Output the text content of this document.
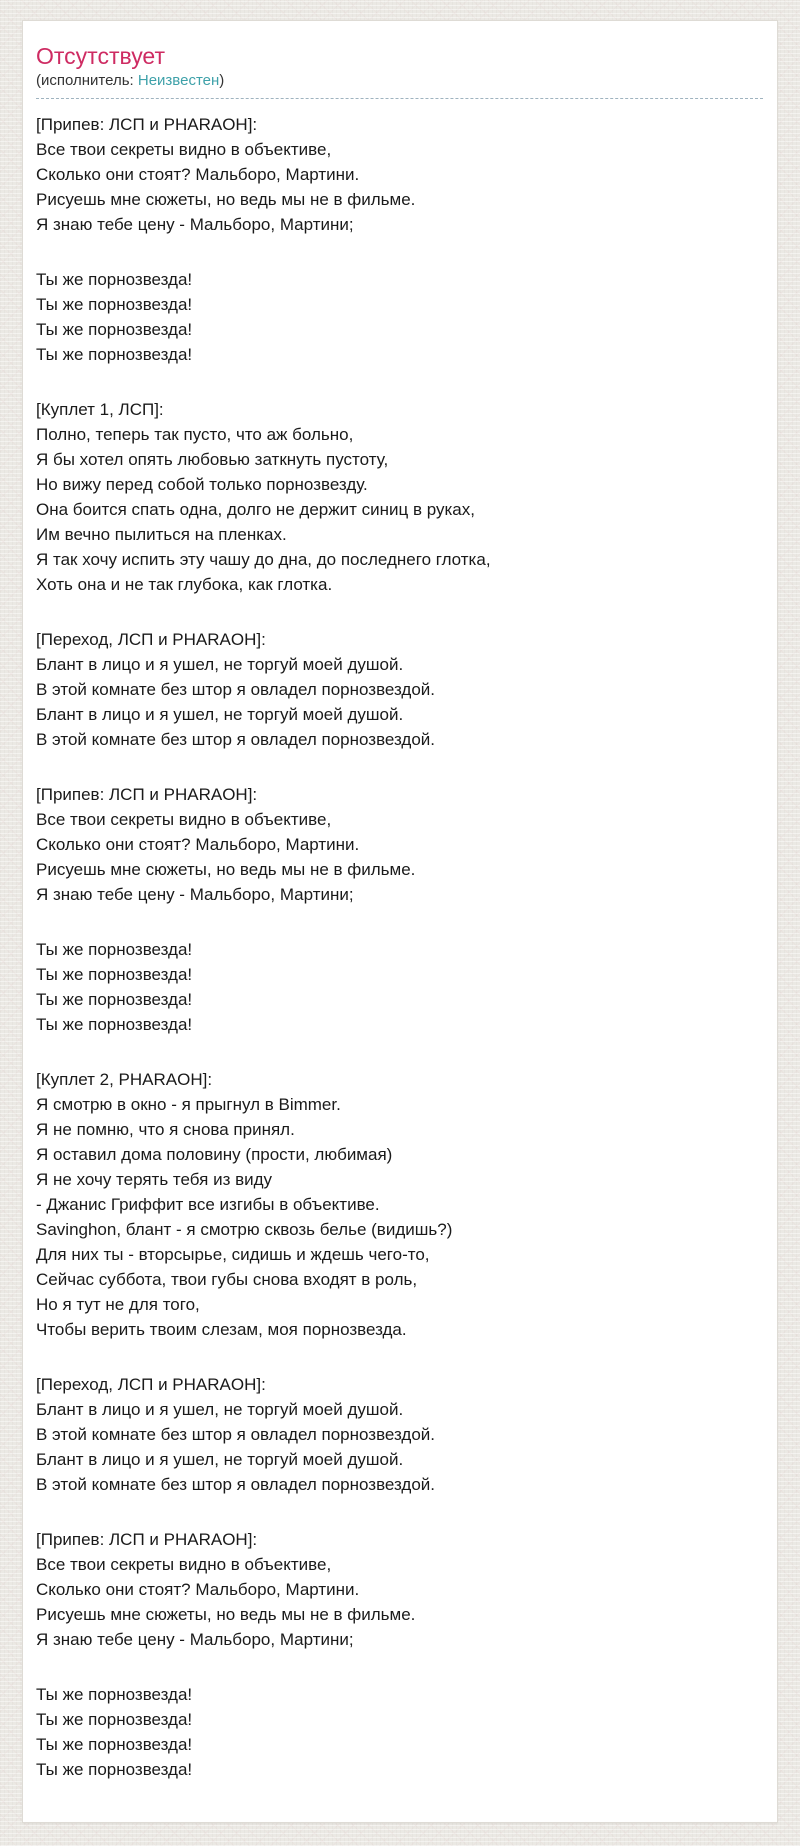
Отсутствует
(исполнитель: Неизвестен)

[Припев: ЛСП и PHARAOH]:
Все твои секреты видно в объективе,
Сколько они стоят? Мальборо, Мартини.
Рисуешь мне сюжеты, но ведь мы не в фильме.
Я знаю тебе цену - Мальборо, Мартини;

Ты же порнозвезда!
Ты же порнозвезда!
Ты же порнозвезда!
Ты же порнозвезда!

[Куплет 1, ЛСП]:
Полно, теперь так пусто, что аж больно,
Я бы хотел опять любовью заткнуть пустоту,
Но вижу перед собой только порнозвезду.
Она боится спать одна, долго не держит синиц в руках,
Им вечно пылиться на пленках.
Я так хочу испить эту чашу до дна, до последнего глотка,
Хоть она и не так глубока, как глотка.

[Переход, ЛСП и PHARAOH]:
Блант в лицо и я ушел, не торгуй моей душой.
В этой комнате без штор я овладел порнозвездой.
Блант в лицо и я ушел, не торгуй моей душой.
В этой комнате без штор я овладел порнозвездой.

[Припев: ЛСП и PHARAOH]:
Все твои секреты видно в объективе,
Сколько они стоят? Мальборо, Мартини.
Рисуешь мне сюжеты, но ведь мы не в фильме.
Я знаю тебе цену - Мальборо, Мартини;

Ты же порнозвезда!
Ты же порнозвезда!
Ты же порнозвезда!
Ты же порнозвезда!

[Куплет 2, PHARAOH]:
Я смотрю в окно - я прыгнул в Bimmer.
Я не помню, что я снова принял.
Я оставил дома половину (прости, любимая)
Я не хочу терять тебя из виду
- Джанис Гриффит все изгибы в объективе.
Savinghon, блант - я смотрю сквозь белье (видишь?)
Для них ты - вторсырье, сидишь и ждешь чего-то,
Сейчас суббота, твои губы снова входят в роль,
Но я тут не для того,
Чтобы верить твоим слезам, моя порнозвезда.

[Переход, ЛСП и PHARAOH]:
Блант в лицо и я ушел, не торгуй моей душой.
В этой комнате без штор я овладел порнозвездой.
Блант в лицо и я ушел, не торгуй моей душой.
В этой комнате без штор я овладел порнозвездой.

[Припев: ЛСП и PHARAOH]:
Все твои секреты видно в объективе,
Сколько они стоят? Мальборо, Мартини.
Рисуешь мне сюжеты, но ведь мы не в фильме.
Я знаю тебе цену - Мальборо, Мартини;

Ты же порнозвезда!
Ты же порнозвезда!
Ты же порнозвезда!
Ты же порнозвезда!
